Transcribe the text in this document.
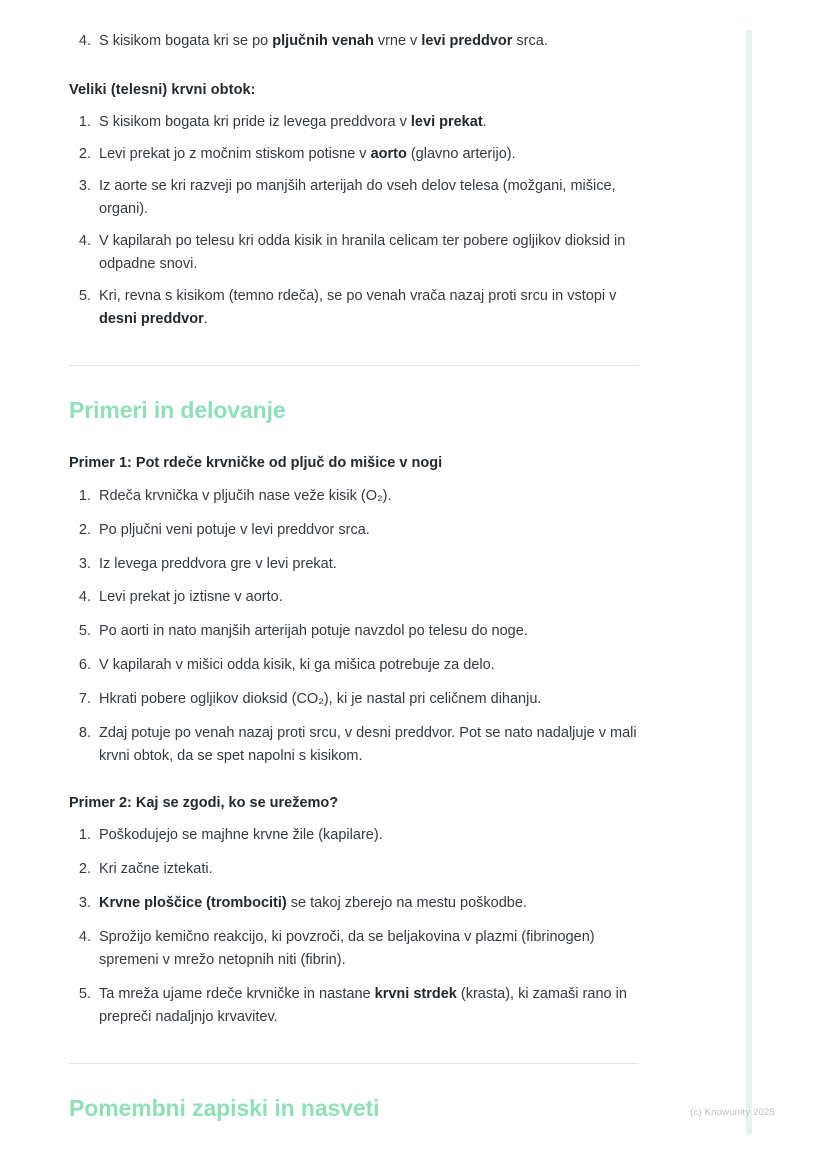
4. S kisikom bogata kri se po pljučnih venah vrne v levi preddvor srca.
Veliki (telesni) krvni obtok:
1. S kisikom bogata kri pride iz levega preddvora v levi prekat.
2. Levi prekat jo z močnim stiskom potisne v aorto (glavno arterijo).
3. Iz aorte se kri razveji po manjših arterijah do vseh delov telesa (možgani, mišice, organi).
4. V kapilarah po telesu kri odda kisik in hranila celicam ter pobere ogljikov dioksid in odpadne snovi.
5. Kri, revna s kisikom (temno rdeča), se po venah vrača nazaj proti srcu in vstopi v desni preddvor.
Primeri in delovanje
Primer 1: Pot rdeče krvničke od pljuč do mišice v nogi
1. Rdeča krvnička v pljučih nase veže kisik (O₂).
2. Po pljučni veni potuje v levi preddvor srca.
3. Iz levega preddvora gre v levi prekat.
4. Levi prekat jo iztisne v aorto.
5. Po aorti in nato manjših arterijah potuje navzdol po telesu do noge.
6. V kapilarah v mišici odda kisik, ki ga mišica potrebuje za delo.
7. Hkrati pobere ogljikov dioksid (CO₂), ki je nastal pri celičnem dihanju.
8. Zdaj potuje po venah nazaj proti srcu, v desni preddvor. Pot se nato nadaljuje v mali krvni obtok, da se spet napolni s kisikom.
Primer 2: Kaj se zgodi, ko se urežemo?
1. Poškodujejo se majhne krvne žile (kapilare).
2. Kri začne iztekati.
3. Krvne ploščice (trombociti) se takoj zberejo na mestu poškodbe.
4. Sprožijo kemično reakcijo, ki povzroči, da se beljakovina v plazmi (fibrinogen) spremeni v mrežo netopnih niti (fibrin).
5. Ta mreža ujame rdeče krvničke in nastane krvni strdek (krasta), ki zamaši rano in prepreči nadaljnjo krvavitev.
Pomembni zapiski in nasveti	(c) Knowunity 2025
